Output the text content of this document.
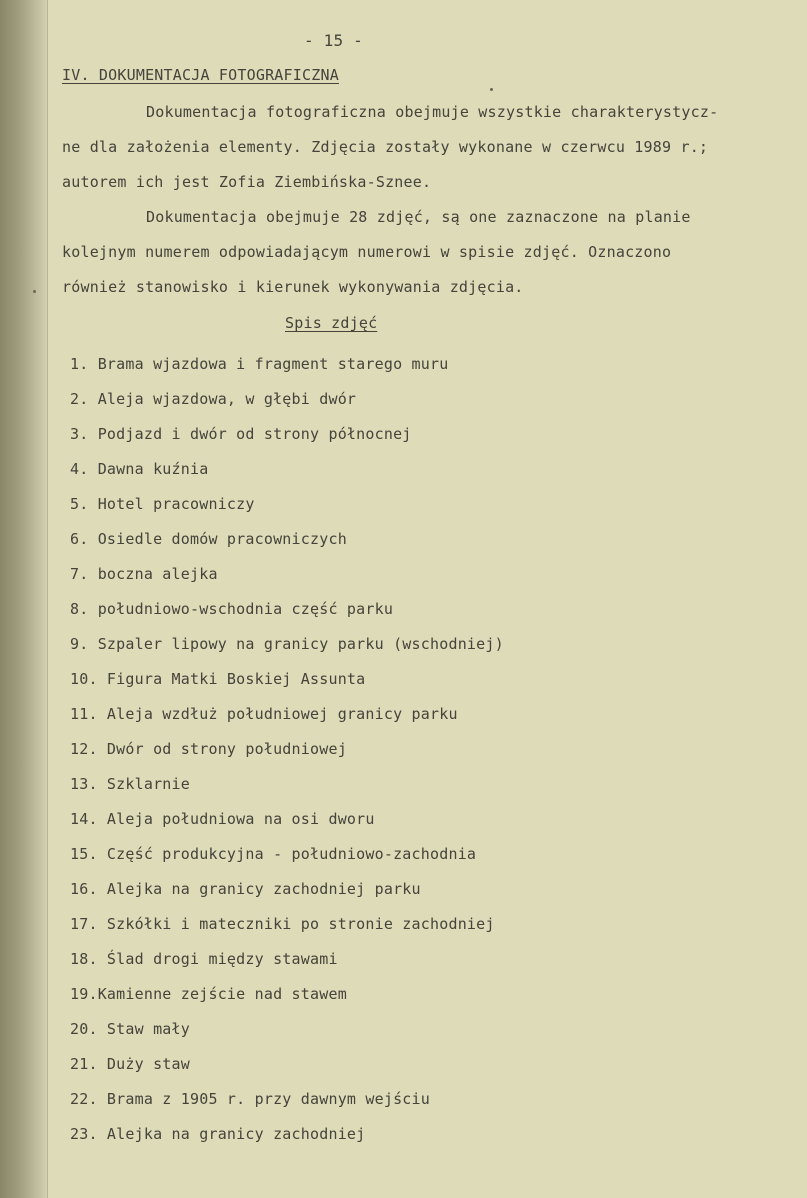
- 15 -
IV. DOKUMENTACJA FOTOGRAFICZNA
Dokumentacja fotograficzna obejmuje wszystkie charakterystycz-
ne dla założenia elementy. Zdjęcia zostały wykonane w czerwcu 1989 r.;
autorem ich jest Zofia Ziembińska-Sznee.
Dokumentacja obejmuje 28 zdjęć, są one zaznaczone na planie
kolejnym numerem odpowiadającym numerowi w spisie zdjęć. Oznaczono
również stanowisko i kierunek wykonywania zdjęcia.
Spis zdjęć
1. Brama wjazdowa i fragment starego muru
2. Aleja wjazdowa, w głębi dwór
3. Podjazd i dwór od strony północnej
4. Dawna kuźnia
5. Hotel pracowniczy
6. Osiedle domów pracowniczych
7. boczna alejka
8. południowo-wschodnia część parku
9. Szpaler lipowy na granicy parku (wschodniej)
10. Figura Matki Boskiej Assunta
11. Aleja wzdłuż południowej granicy parku
12. Dwór od strony południowej
13. Szklarnie
14. Aleja południowa na osi dworu
15. Część produkcyjna - południowo-zachodnia
16. Alejka na granicy zachodniej parku
17. Szkółki i mateczniki po stronie zachodniej
18. Ślad drogi między stawami
19.Kamienne zejście nad stawem
20. Staw mały
21. Duży staw
22. Brama z 1905 r. przy dawnym wejściu
23. Alejka na granicy zachodniej
